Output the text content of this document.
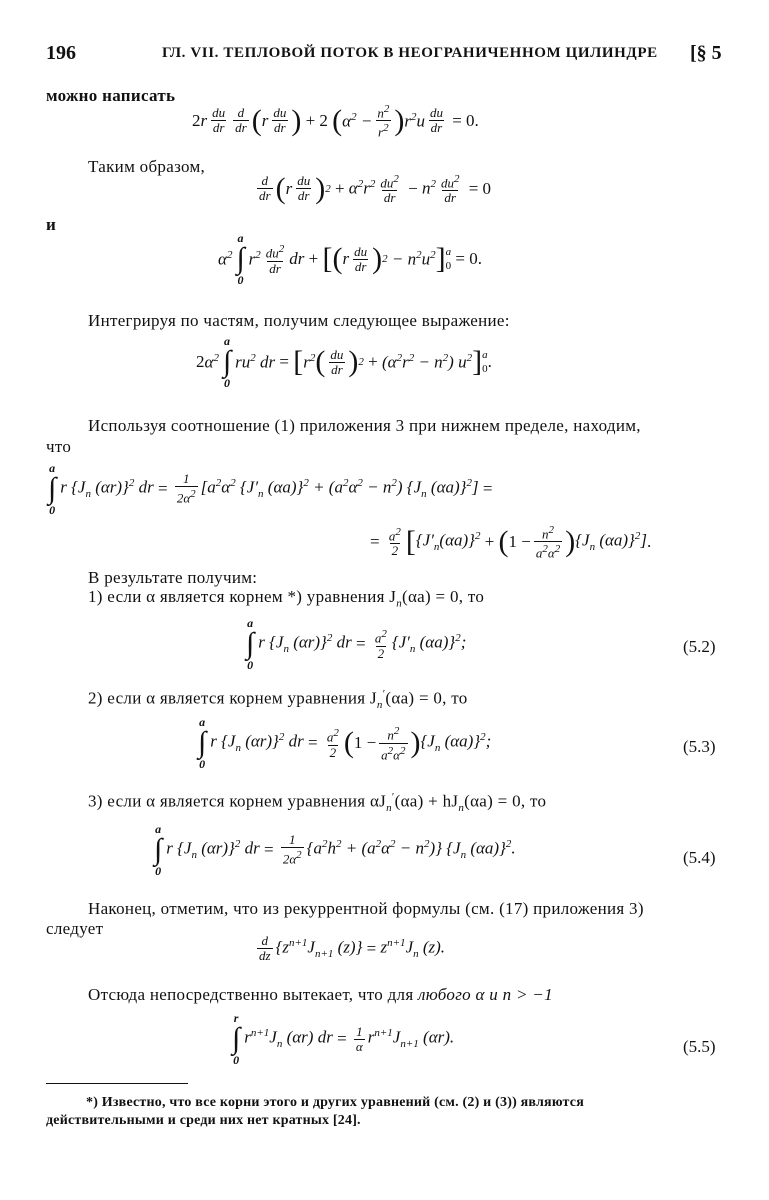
196	ГЛ. VII. ТЕПЛОВОЙ ПОТОК В НЕОГРАНИЧЕННОМ ЦИЛИНДРЕ [§ 5
можно написать
2 r $\frac{du}{dr} \frac{d}{dr}$ ( r $\frac{du}{dr}$ ) + 2 ( $\alpha^2 - \frac{n^2}{r^2}$ ) $r^2u \frac{du}{dr} = 0$.
Таким образом,
$\frac{d}{dr}$ ( r $\frac{du}{dr}$ ) $2 + \alpha^2r^2 \frac{du^2}{dr} - n^2 \frac{du^2}{dr} = 0$
и
$\alpha^2$
a
∫
0
$r^2 \frac{du^2}{dr}$ dr + [ ( r $\frac{du}{dr}$ ) $2 - n^2u^2$ ] a
0 = 0.
Интегрируя по частям, получим следующее выражение:
2 $\alpha^2$
a
∫
0
$ru^2$ dr = [ $r^2$ ( $\frac{du}{dr}$ ) $2 + (\alpha^2r^2 - n^2)$ $u^2$ ] a
0 .
Используя соотношение (1) приложения 3 при нижнем пределе, находим,
что
a
∫
0
r {$J_n$ (αr)}$^2$ dr = $\frac{1}{2\alpha^2} [a^2\alpha^2$ {$J'_n$ $(\alpha a)\}^2 + (a^2\alpha^2 - n^2)$ {$J_n$ (αa)}$^2$] =
= $\frac{a^2}{2}$ [ $\{J'_n(\alpha a)\}^2$ + ( $1 - \frac{n^2}{a^2\alpha^2}$ ) {$J_n$ (αa)}$^2$] .
В результате получим:
1) если α является корнем *) уравнения $J_n(\alpha a) = 0$, то
a
∫
0
r {$J_n$ (αr)}$^2$ dr = $\frac{a^2}{2} \{J'_n$ (αa)}$^2$;	(5.2)
2) если α является корнем уравнения $J_n'(\alpha a) = 0$, то
a
∫
0
r {$J_n$ (αr)}$^2$ dr = $\frac{a^2}{2}$ ( $1 - \frac{n^2}{a^2\alpha^2}$ ) {$J_n$ (αa)}$^2$;	(5.3)
3) если α является корнем уравнения $\alpha J_n'(\alpha a) + hJ_n(\alpha a) = 0$, то
a
∫
0
r {$J_n$ (αr)}$^2$ dr = $\frac{1}{2\alpha^2} \{a^2h^2 + (a^2\alpha^2 - n^2)\}$ {$J_n$ (αa)}$^2$.	(5.4)
Наконец, отметим, что из рекуррентной формулы (см. (17) приложения 3)
следует
$\frac{d}{dz} \{z^{n+1}J_{n+1}$ $(z)\} = z^{n+1}J_n$ (z).
Отсюда непосредственно вытекает, что для любого α и n > −1
r
∫
0
$r^{n+1}J_n$ (αr) dr = $\frac{1}{\alpha} r^{n+1}J_{n+1}$ (αr).	(5.5)
*) Известно, что все корни этого и других уравнений (см. (2) и (3)) являются
действительными и среди них нет кратных [24].
